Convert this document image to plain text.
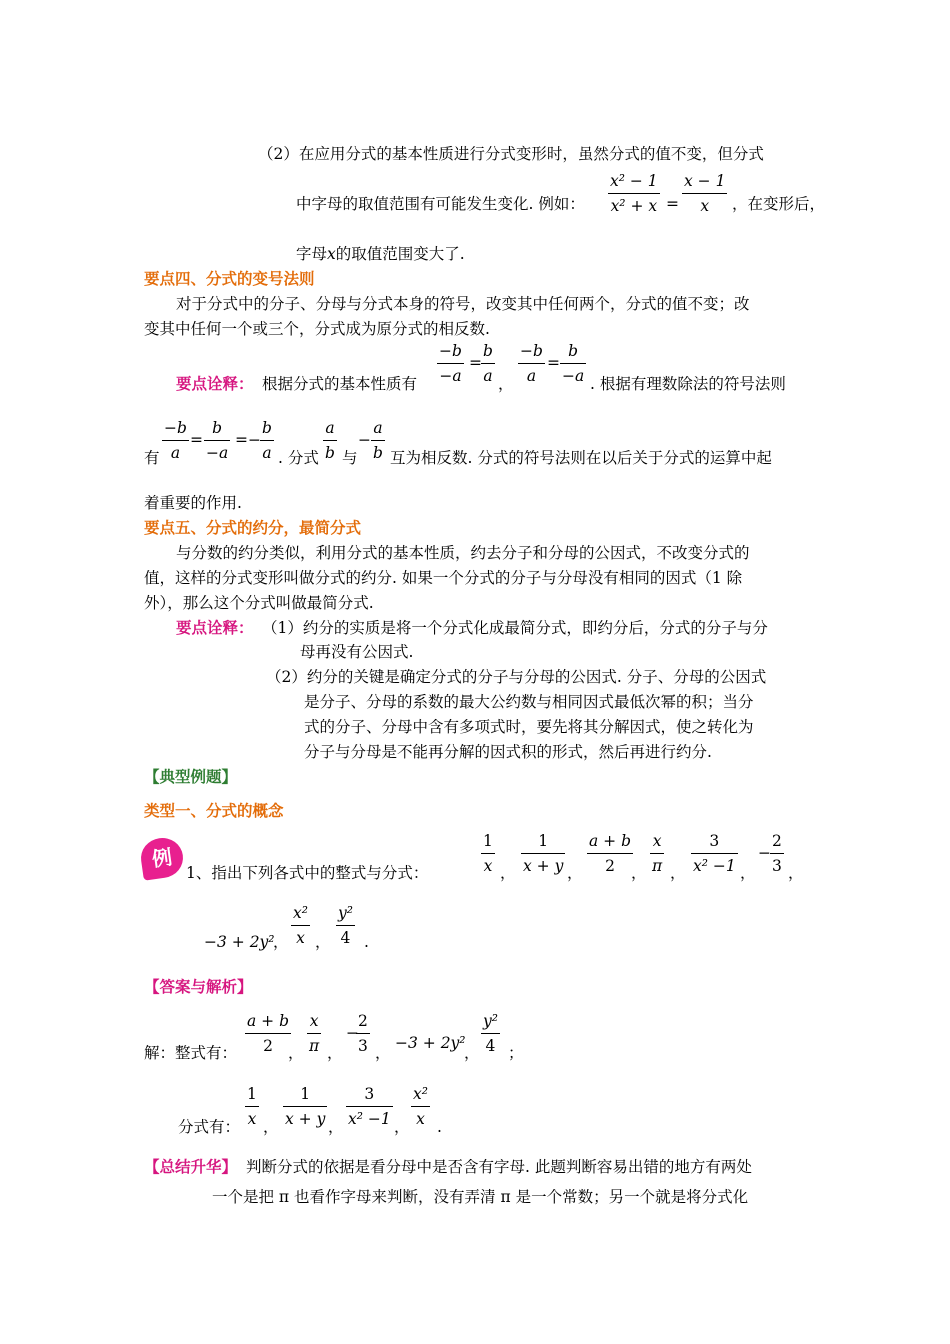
（2）在应用分式的基本性质进行分式变形时，虽然分式的值不变，但分式
中字母的取值范围有可能发生变化. 例如：
x² − 1
x² + x =
x − 1
x	，在变形后，
字母x的取值范围变大了.
要点四、分式的变号法则
对于分式中的分子、分母与分式本身的符号，改变其中任何两个，分式的值不变；改
变其中任何一个或三个，分式成为原分式的相反数.
要点诠释： 根据分式的基本性质有
−b
−a
=
b
a ，
−b
a
=
b
−a . 根据有理数除法的符号法则
有
−b
a
=
b
−a
= −
b
a . 分式
a
b 与
−
a
b 互为相反数. 分式的符号法则在以后关于分式的运算中起
着重要的作用.
要点五、分式的约分，最简分式
与分数的约分类似，利用分式的基本性质，约去分子和分母的公因式，不改变分式的
值，这样的分式变形叫做分式的约分. 如果一个分式的分子与分母没有相同的因式（1 除
外），那么这个分式叫做最简分式.
要点诠释： （1）约分的实质是将一个分式化成最简分式，即约分后，分式的分子与分
母再没有公因式.
（2）约分的关键是确定分式的分子与分母的公因式. 分子、分母的公因式
是分子、分母的系数的最大公约数与相同因式最低次幂的积；当分
式的分子、分母中含有多项式时，要先将其分解因式，使之转化为
分子与分母是不能再分解的因式积的形式，然后再进行约分.
【典型例题】
类型一、分式的概念
例
1、指出下列各式中的整式与分式：
1
x ，
1
x + y ，
a + b
2	，
x
π ，
3
x² −1 ，
−
2
3 ，
−3 + 2y²
，
x²
x ，
y²
4 .
【答案与解析】
解：整式有：
a + b
2 ，
x
π ，
−
2
3 ，
−3 + 2y²
，
y²
4 ；
分式有：
1
x ，
1
x + y ，
3
x² −1 ，
x²
x .
【总结升华】 判断分式的依据是看分母中是否含有字母. 此题判断容易出错的地方有两处
一个是把 π 也看作字母来判断，没有弄清 π 是一个常数；另一个就是将分式化
